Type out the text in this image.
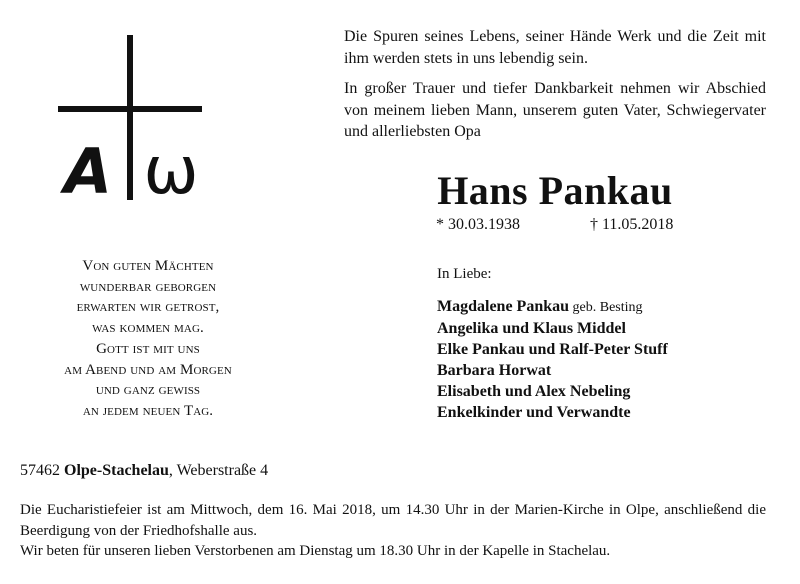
A ω
Von guten Mächten
wunderbar geborgen
erwarten wir getrost,
was kommen mag.
Gott ist mit uns
am Abend und am Morgen
und ganz gewiss
an jedem neuen Tag.

Die Spuren seines Lebens, seiner Hände Werk und die Zeit mit ihm werden stets in uns lebendig sein.

In großer Trauer und tiefer Dankbarkeit nehmen wir Abschied von meinem lieben Mann, unserem guten Vater, Schwiegervater und allerliebsten Opa

Hans Pankau
* 30.03.1938	† 11.05.2018
In Liebe:
Magdalene Pankau geb. Besting
Angelika und Klaus Middel
Elke Pankau und Ralf-Peter Stuff
Barbara Horwat
Elisabeth und Alex Nebeling
Enkelkinder und Verwandte
57462 Olpe-Stachelau, Weberstraße 4

Die Eucharistiefeier ist am Mittwoch, dem 16. Mai 2018, um 14.30 Uhr in der Marien-Kirche in Olpe, anschließend die Beerdigung von der Friedhofshalle aus.

Wir beten für unseren lieben Verstorbenen am Dienstag um 18.30 Uhr in der Kapelle in Stachelau.
